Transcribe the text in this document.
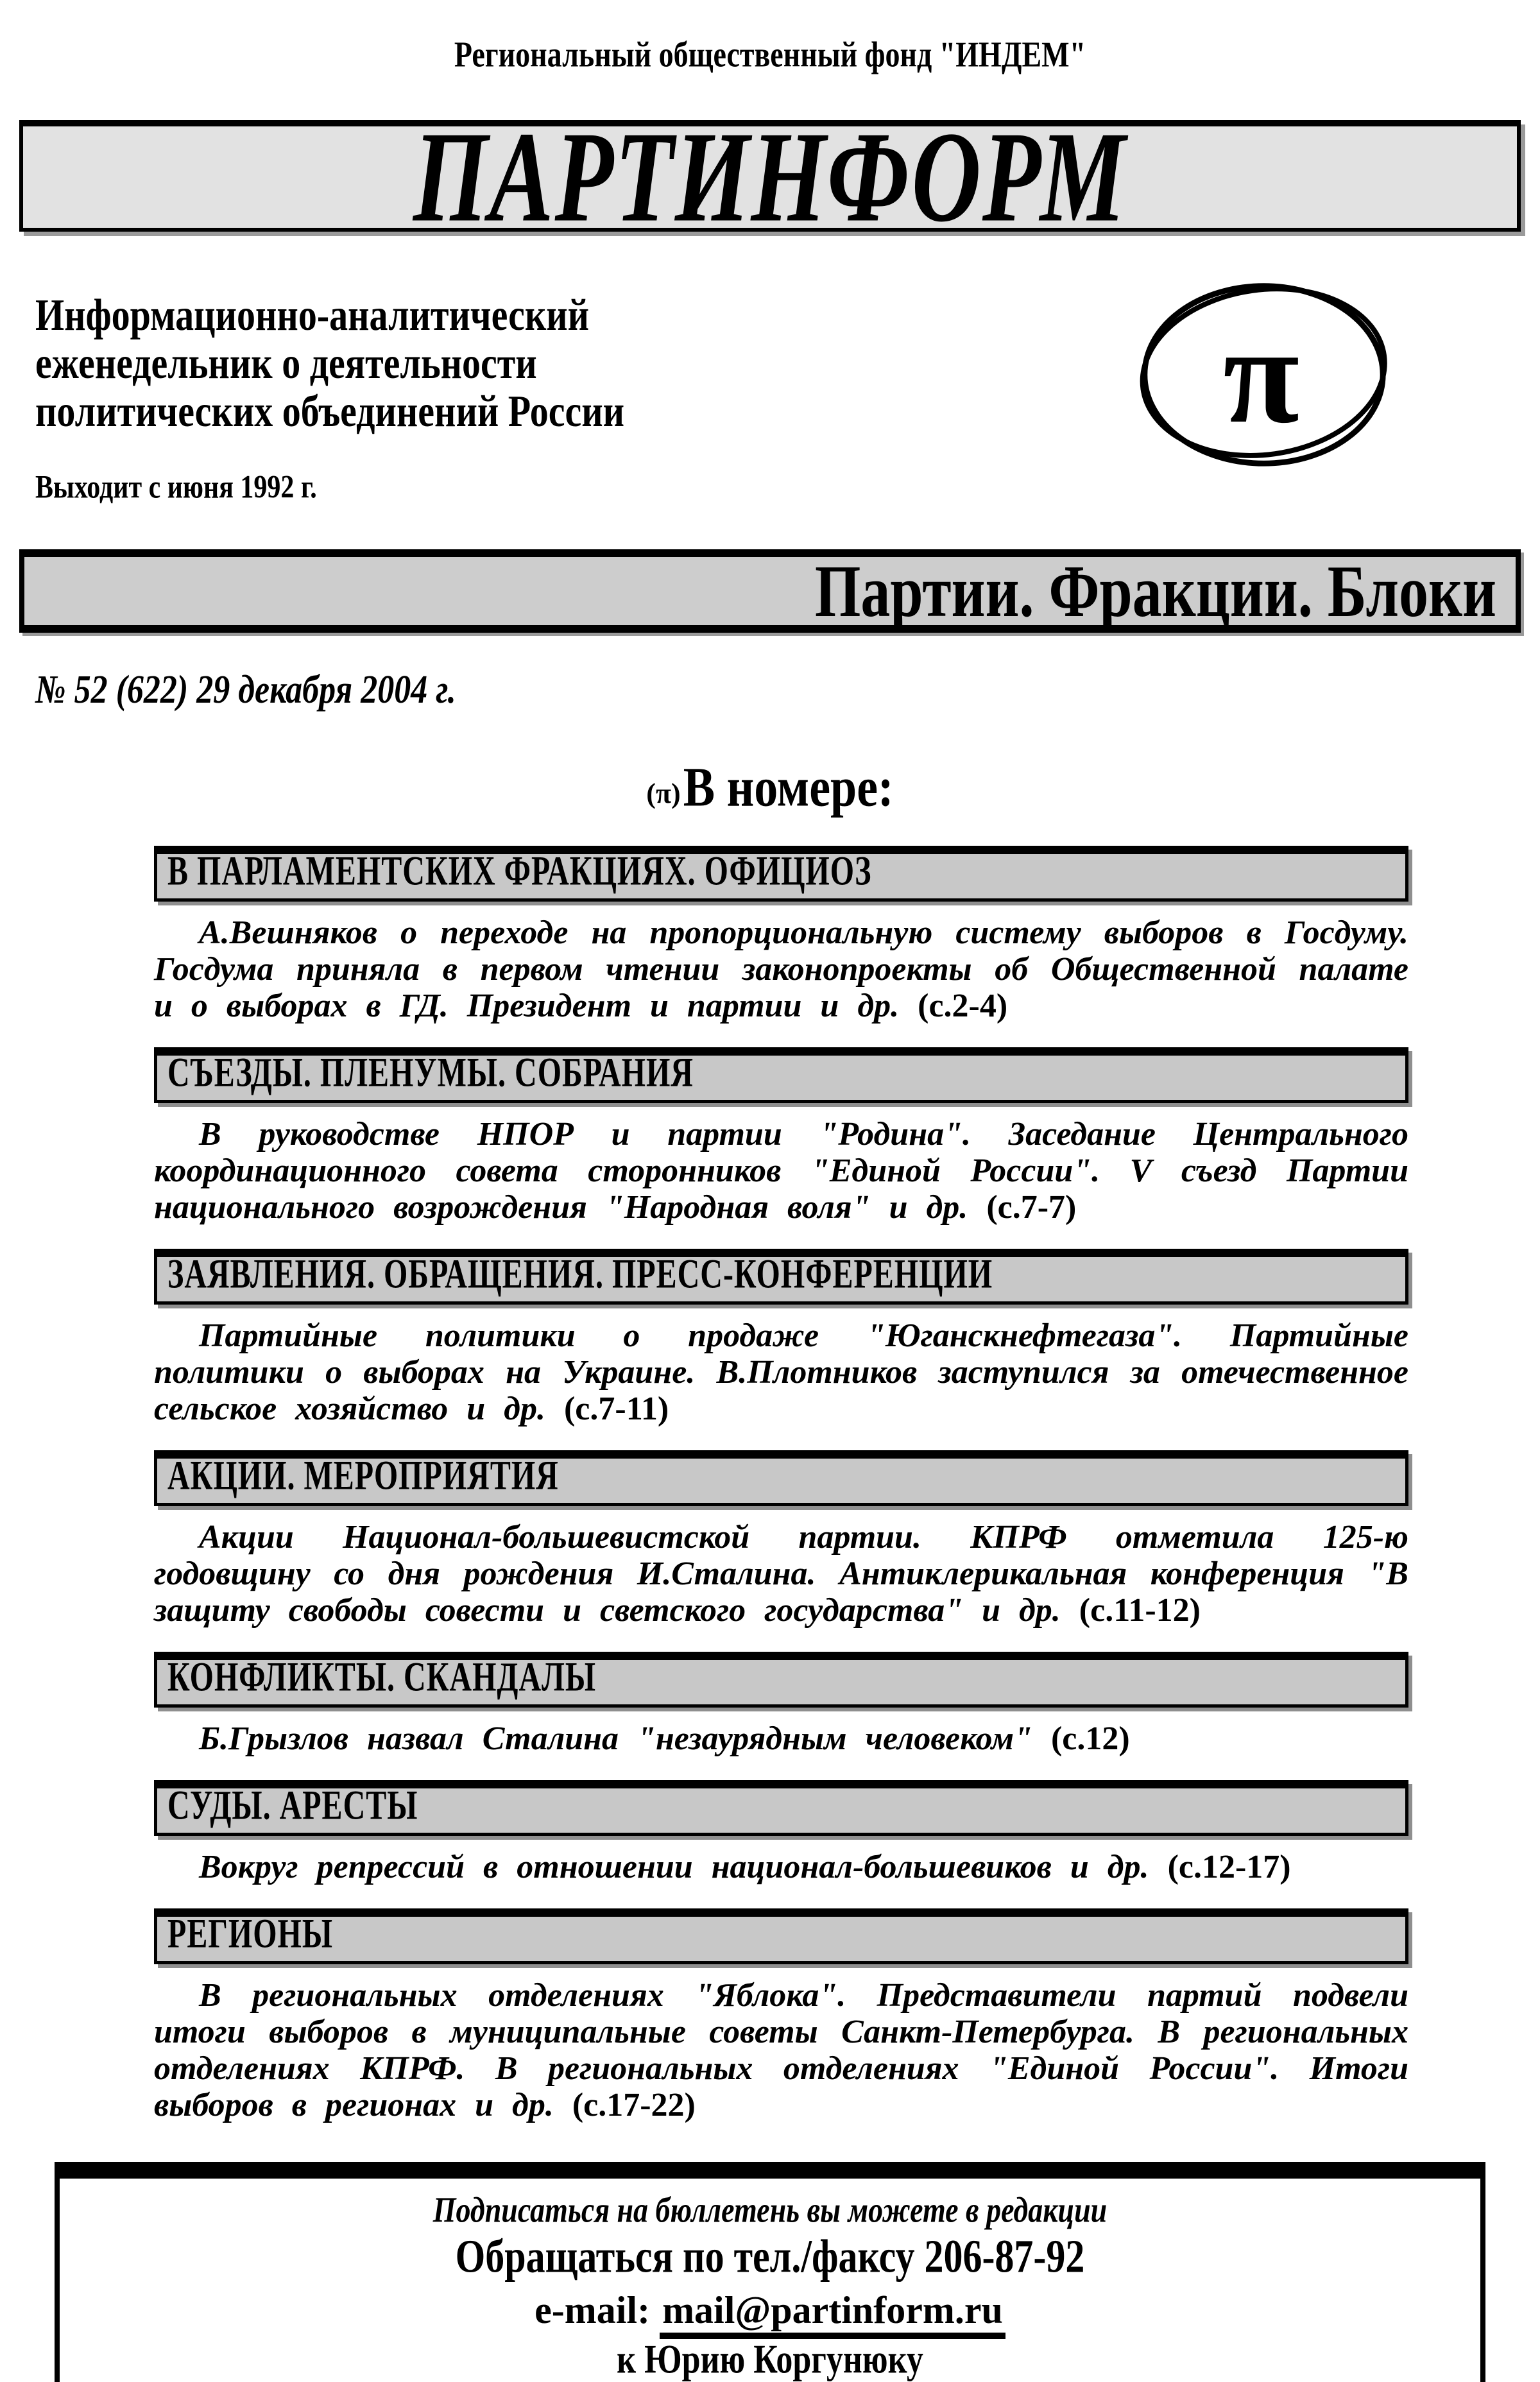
Региональный общественный фонд "ИНДЕМ"
ПАРТИНФОРМ
Информационно-аналитический
еженедельник о деятельности
политических объединений России
Выходит с июня 1992 г.
π
Партии. Фракции. Блоки
№ 52 (622) 29 декабря 2004 г.
(π) В номере:
В ПАРЛАМЕНТСКИХ ФРАКЦИЯХ. ОФИЦИОЗ
А.Вешняков о переходе на пропорциональную систему выборов в Госдуму. Госдума приняла в первом чтении законопроекты об Общественной палате и о выборах в ГД. Президент и партии и др. (с.2-4)
СЪЕЗДЫ. ПЛЕНУМЫ. СОБРАНИЯ
В руководстве НПОР и партии "Родина". Заседание Центрального координационного совета сторонников "Единой России". V съезд Партии национального возрождения "Народная воля" и др. (с.7-7)
ЗАЯВЛЕНИЯ. ОБРАЩЕНИЯ. ПРЕСС-КОНФЕРЕНЦИИ
Партийные политики о продаже "Юганскнефтегаза". Партийные политики о выборах на Украине. В.Плотников заступился за отечественное сельское хозяйство и др. (с.7-11)
АКЦИИ. МЕРОПРИЯТИЯ
Акции Национал-большевистской партии. КПРФ отметила 125-ю годовщину со дня рождения И.Сталина. Антиклерикальная конференция "В защиту свободы совести и светского государства" и др. (с.11-12)
КОНФЛИКТЫ. СКАНДАЛЫ
Б.Грызлов назвал Сталина "незаурядным человеком" (с.12)
СУДЫ. АРЕСТЫ
Вокруг репрессий в отношении национал-большевиков и др. (с.12-17)
РЕГИОНЫ
В региональных отделениях "Яблока". Представители партий подвели итоги выборов в муниципальные советы Санкт-Петербурга. В региональных отделениях КПРФ. В региональных отделениях "Единой России". Итоги выборов в регионах и др. (с.17-22)
Подписаться на бюллетень вы можете в редакции
Обращаться по тел./факсу 206-87-92
e-mail: mail@partinform.ru
к Юрию Коргунюку
